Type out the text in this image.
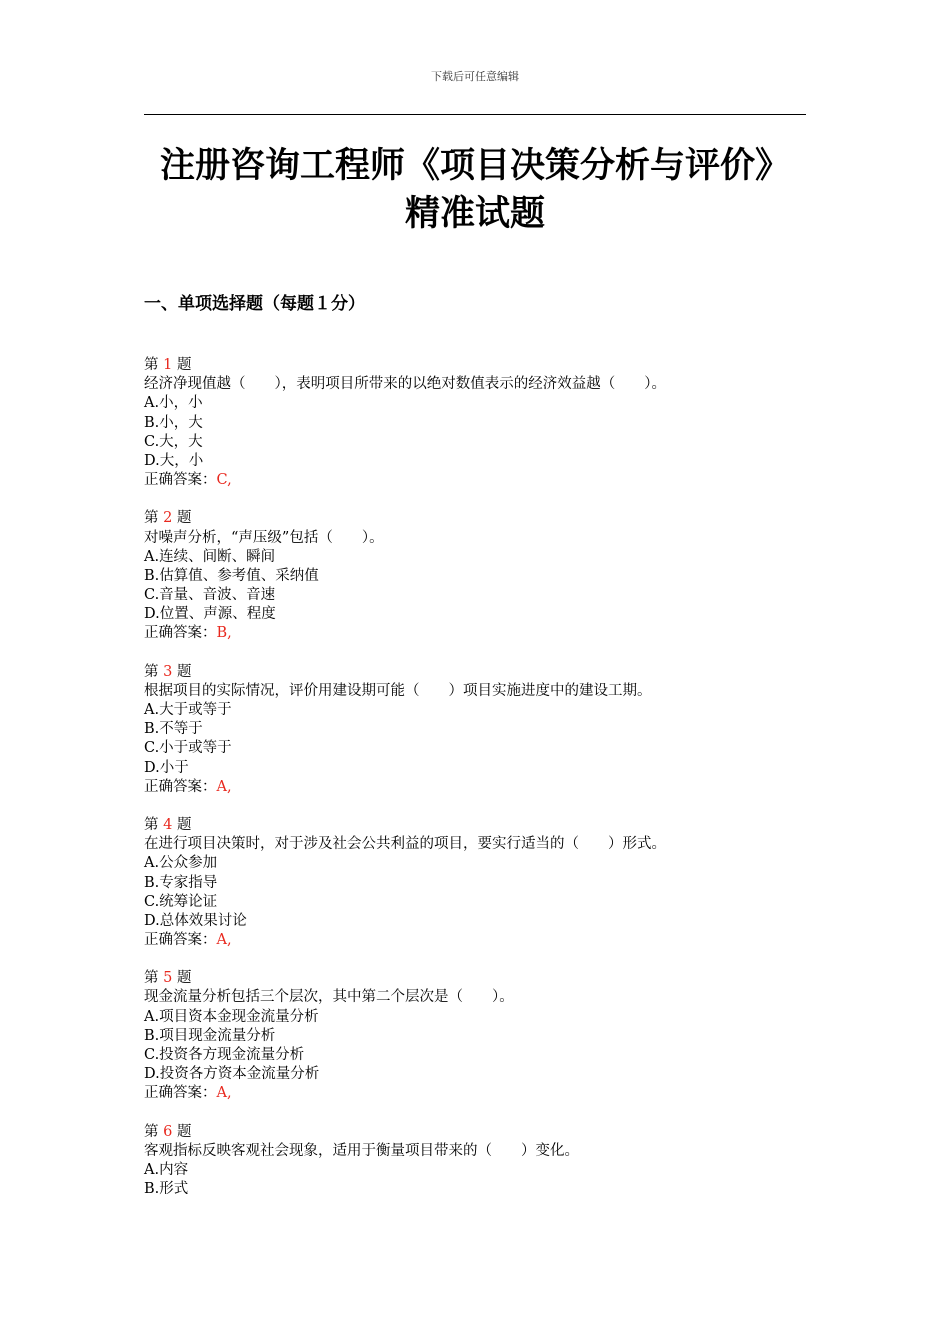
下载后可任意编辑
注册咨询工程师《项目决策分析与评价》精准试题
一、单项选择题（每题１分）
第 1 题
经济净现值越（　　），表明项目所带来的以绝对数值表示的经济效益越（　　）。
A.小，小
B.小，大
C.大，大
D.大，小
正确答案：C,
第 2 题
对噪声分析，“声压级”包括（　　）。
A.连续、间断、瞬间
B.估算值、参考值、采纳值
C.音量、音波、音速
D.位置、声源、程度
正确答案：B,
第 3 题
根据项目的实际情况，评价用建设期可能（　　）项目实施进度中的建设工期。
A.大于或等于
B.不等于
C.小于或等于
D.小于
正确答案：A,
第 4 题
在进行项目决策时，对于涉及社会公共利益的项目，要实行适当的（　　）形式。
A.公众参加
B.专家指导
C.统筹论证
D.总体效果讨论
正确答案：A,
第 5 题
现金流量分析包括三个层次，其中第二个层次是（　　）。
A.项目资本金现金流量分析
B.项目现金流量分析
C.投资各方现金流量分析
D.投资各方资本金流量分析
正确答案：A,
第 6 题
客观指标反映客观社会现象，适用于衡量项目带来的（　　）变化。
A.内容
B.形式
